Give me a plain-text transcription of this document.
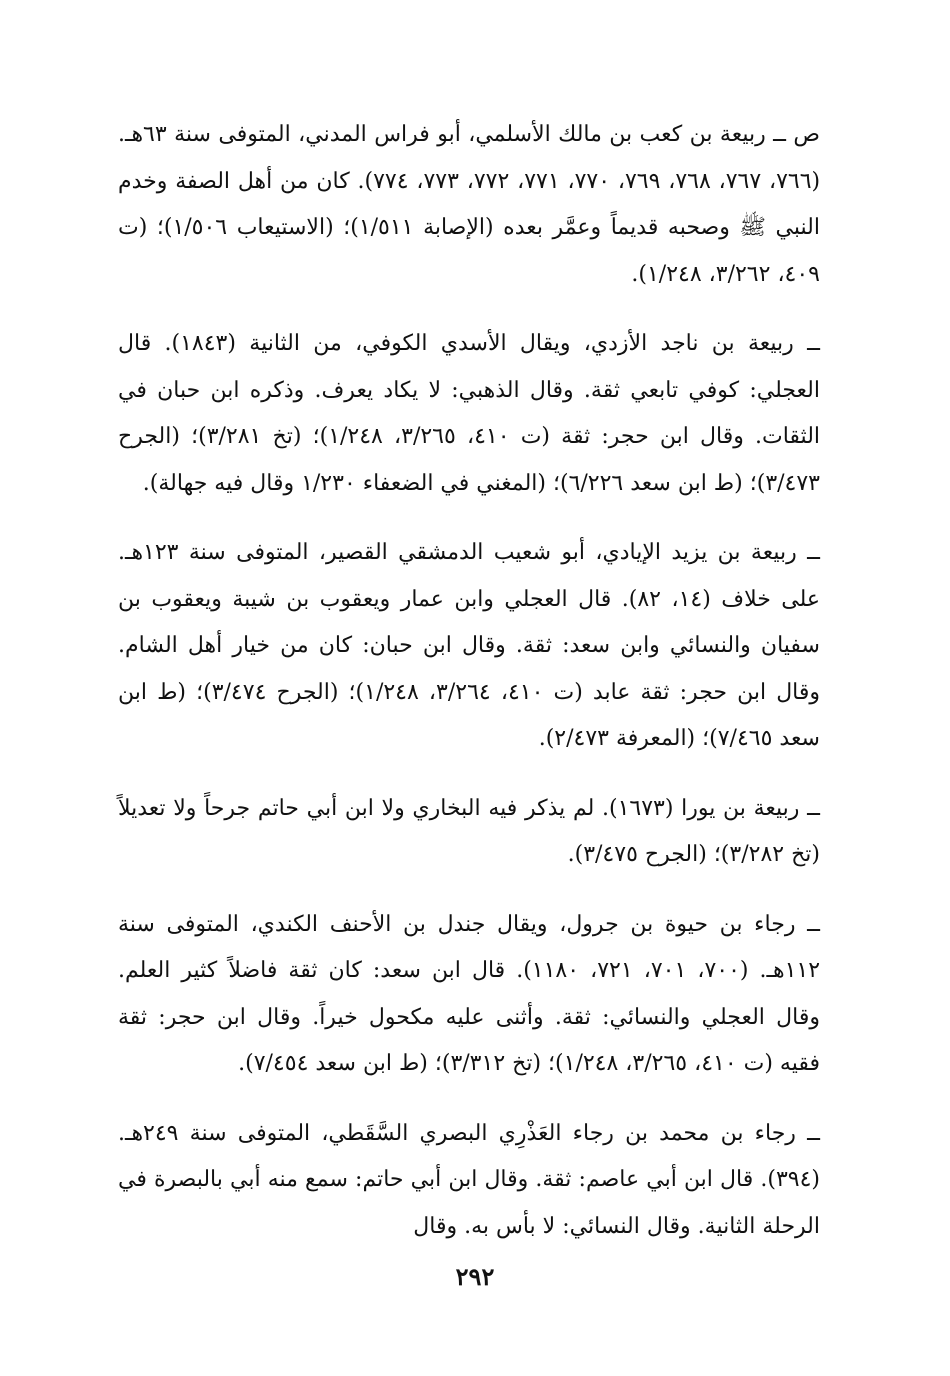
ص ــ ربيعة بن كعب بن مالك الأسلمي، أبو فراس المدني، المتوفى سنة ٦٣هـ. (٧٦٦، ٧٦٧، ٧٦٨، ٧٦٩، ٧٧٠، ٧٧١، ٧٧٢، ٧٧٣، ٧٧٤). كان من أهل الصفة وخدم النبي ﷺ وصحبه قديماً وعمَّر بعده (الإصابة ١/٥١١)؛ (الاستيعاب ١/٥٠٦)؛ (ت ٤٠٩، ٣/٢٦٢، ١/٢٤٨).

ــ ربيعة بن ناجد الأزدي، ويقال الأسدي الكوفي، من الثانية (١٨٤٣). قال العجلي: كوفي تابعي ثقة. وقال الذهبي: لا يكاد يعرف. وذكره ابن حبان في الثقات. وقال ابن حجر: ثقة (ت ٤١٠، ٣/٢٦٥، ١/٢٤٨)؛ (تخ ٣/٢٨١)؛ (الجرح ٣/٤٧٣)؛ (ط ابن سعد ٦/٢٢٦)؛ (المغني في الضعفاء ١/٢٣٠ وقال فيه جهالة).

ــ ربيعة بن يزيد الإيادي، أبو شعيب الدمشقي القصير، المتوفى سنة ١٢٣هـ. على خلاف (١٤، ٨٢). قال العجلي وابن عمار ويعقوب بن شيبة ويعقوب بن سفيان والنسائي وابن سعد: ثقة. وقال ابن حبان: كان من خيار أهل الشام. وقال ابن حجر: ثقة عابد (ت ٤١٠، ٣/٢٦٤، ١/٢٤٨)؛ (الجرح ٣/٤٧٤)؛ (ط ابن سعد ٧/٤٦٥)؛ (المعرفة ٢/٤٧٣).

ــ ربيعة بن يورا (١٦٧٣). لم يذكر فيه البخاري ولا ابن أبي حاتم جرحاً ولا تعديلاً (تخ ٣/٢٨٢)؛ (الجرح ٣/٤٧٥).

ــ رجاء بن حيوة بن جرول، ويقال جندل بن الأحنف الكندي، المتوفى سنة ١١٢هـ. (٧٠٠، ٧٠١، ٧٢١، ١١٨٠). قال ابن سعد: كان ثقة فاضلاً كثير العلم. وقال العجلي والنسائي: ثقة. وأثنى عليه مكحول خيراً. وقال ابن حجر: ثقة فقيه (ت ٤١٠، ٣/٢٦٥، ١/٢٤٨)؛ (تخ ٣/٣١٢)؛ (ط ابن سعد ٧/٤٥٤).

ــ رجاء بن محمد بن رجاء العَذْرِي البصري السَّقَطي، المتوفى سنة ٢٤٩هـ. (٣٩٤). قال ابن أبي عاصم: ثقة. وقال ابن أبي حاتم: سمع منه أبي بالبصرة في الرحلة الثانية. وقال النسائي: لا بأس به. وقال

٢٩٢
